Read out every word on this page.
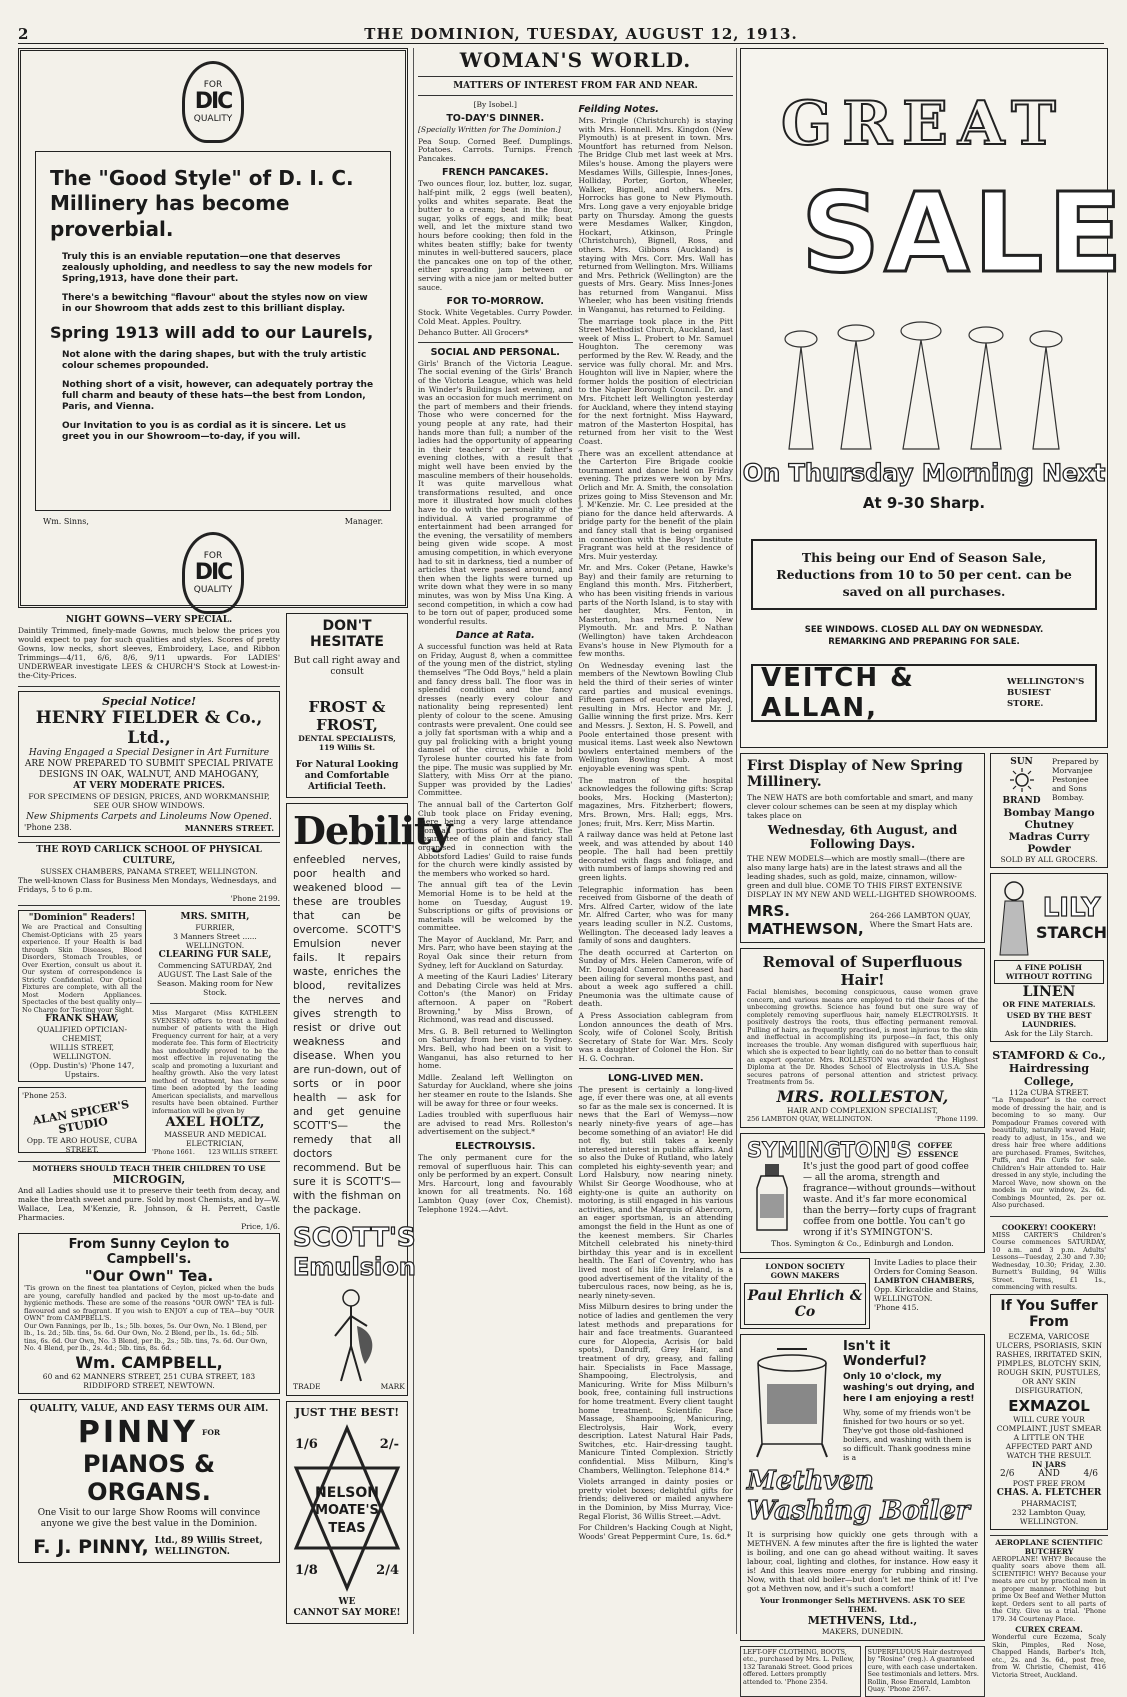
2	THE DOMINION, TUESDAY, AUGUST 12, 1913.
FOR
DIC
QUALITY
The "Good Style" of D. I. C.
Millinery has become proverbial.

Truly this is an enviable reputation—one that deserves zealously upholding, and needless to say the new models for Spring,1913, have done their part.

There's a bewitching "flavour" about the styles now on view in our Showroom that adds zest to this brilliant display.

Spring 1913 will add to our Laurels,

Not alone with the daring shapes, but with the truly artistic colour schemes propounded.

Nothing short of a visit, however, can adequately portray the full charm and beauty of these hats—the best from London, Paris, and Vienna.

Our Invitation to you is as cordial as it is sincere. Let us greet you in our Showroom—to-day, if you will.

Wm. Sinns,	Manager.
FOR
DIC
QUALITY
NIGHT GOWNS—VERY SPECIAL.
Daintily Trimmed, finely-made Gowns, much below the prices you would expect to pay for such qualities and styles. Scores of pretty Gowns, low necks, short sleeves, Embroidery, Lace, and Ribbon Trimmings—4/11, 6/6, 8/6, 9/11 upwards. For LADIES' UNDERWEAR investigate LEES & CHURCH'S Stock at Lowest-in-the-City-Prices.
Special Notice!
HENRY FIELDER & Co., Ltd.,
Having Engaged a Special Designer in Art Furniture
ARE NOW PREPARED TO SUBMIT SPECIAL PRIVATE DESIGNS IN OAK, WALNUT, AND MAHOGANY,
AT VERY MODERATE PRICES.
FOR SPECIMENS OF DESIGN, PRICES, AND WORKMANSHIP, SEE OUR SHOW WINDOWS.
New Shipments Carpets and Linoleums Now Opened.
'Phone 238.	MANNERS STREET.
THE ROYD CARLICK SCHOOL OF PHYSICAL CULTURE,
SUSSEX CHAMBERS, PANAMA STREET, WELLINGTON.
The well-known Class for Business Men Mondays, Wednesdays, and Fridays, 5 to 6 p.m.
'Phone 2199.
"Dominion" Readers!
We are Practical and Consulting Chemist-Opticians with 25 years experience. If your Health is bad through Skin Diseases, Blood Disorders, Stomach Troubles, or Over Exertion, consult us about it. Our system of correspondence is Strictly Confidential. Our Optical Fixtures are complete, with all the Most Modern Appliances. Spectacles of the best quality only—No Charge for Testing your Sight.
FRANK SHAW,
QUALIFIED OPTICIAN-CHEMIST,
WILLIS STREET, WELLINGTON.
(Opp. Dustin's) 'Phone 147, Upstairs.
'Phone 253.
ALAN SPICER'S STUDIO
Opp. TE ARO HOUSE, CUBA STREET.
MRS. SMITH,
FURRIER,
3 Manners Street ...... WELLINGTON.
CLEARING FUR SALE,
Commencing SATURDAY, 2nd AUGUST. The Last Sale of the Season. Making room for New Stock.
Miss Margaret (Miss KATHLEEN SVENSEN) offers to treat a limited number of patients with the High Frequency current for hair, at a very moderate fee. This form of Electricity has undoubtedly proved to be the most effective in rejuvenating the scalp and promoting a luxuriant and healthy growth. Also the very latest method of treatment, has for some time been adopted by the leading American specialists, and marvellous results have been obtained. Further information will be given by
AXEL HOLTZ,
MASSEUR AND MEDICAL ELECTRICIAN,
'Phone 1661. 123 WILLIS STREET.
MOTHERS SHOULD TEACH THEIR CHILDREN TO USE
MICROGIN,
And all Ladies should use it to preserve their teeth from decay, and make the breath sweet and pure. Sold by most Chemists, and by—W. Wallace, Lea, M'Kenzie, R. Johnson, & H. Perrett, Castle Pharmacies.
Price, 1/6.
From Sunny Ceylon to Campbell's.
"Our Own" Tea.
'Tis grown on the finest tea plantations of Ceylon, picked when the buds are young, carefully handled and packed by the most up-to-date and hygienic methods. These are some of the reasons "OUR OWN" TEA is full-flavoured and so fragrant. If you wish to ENJOY a cup of TEA—buy "OUR OWN" from CAMPBELL'S.
Our Own Fannings, per lb., 1s.; 5lb. boxes, 5s. Our Own, No. 1 Blend, per lb., 1s. 2d.; 5lb. tins, 5s. 6d. Our Own, No. 2 Blend, per lb., 1s. 6d.; 5lb. tins, 6s. 6d. Our Own, No. 3 Blend, per lb., 2s.; 5lb. tins, 7s. 6d. Our Own, No. 4 Blend, per lb., 2s. 4d.; 5lb. tins, 8s. 6d.
Wm. CAMPBELL,
60 and 62 MANNERS STREET, 251 CUBA STREET, 183 RIDDIFORD STREET, NEWTOWN.
QUALITY, VALUE, AND EASY TERMS OUR AIM.
PINNY FOR
PIANOS & ORGANS.
One Visit to our large Show Rooms will convince anyone we give the best value in the Dominion.
F. J. PINNY, Ltd., 89 Willis Street, WELLINGTON.
DON'T HESITATE
But call right away and consult
FROST & FROST,
DENTAL SPECIALISTS, 119 Willis St.
For Natural Looking and Comfortable Artificial Teeth.
Debility
enfeebled nerves, poor health and weakened blood —these are troubles that can be overcome. SCOTT'S Emulsion never fails. It repairs waste, enriches the blood, revitalizes the nerves and gives strength to resist or drive out weakness and disease. When you are run-down, out of sorts or in poor health — ask for and get genuine SCOTT'S— the remedy that all doctors recommend. But be sure it is SCOTT'S—with the fishman on the package.
SCOTT'S
Emulsion
TRADE	MARK
JUST THE BEST!
1/6	2/-
NELSON
MOATE'S
TEAS
1/8	2/4
WE
CANNOT SAY MORE!
WOMAN'S WORLD.
MATTERS OF INTEREST FROM FAR AND NEAR.
[By Isobel.]
TO-DAY'S DINNER.
[Specially Written for The Dominion.]
Pea Soup. Corned Beef. Dumplings. Potatoes. Carrots. Turnips. French Pancakes.
FRENCH PANCAKES.
Two ounces flour, loz. butter, loz. sugar, half-pint milk, 2 eggs (well beaten), yolks and whites separate. Beat the butter to a cream; beat in the flour, sugar, yolks of eggs, and milk; beat well, and let the mixture stand two hours before cooking; then fold in the whites beaten stiffly; bake for twenty minutes in well-buttered saucers, place the pancakes one on top of the other, either spreading jam between or serving with a nice jam or melted butter sauce.
FOR TO-MORROW.
Stock. White Vegetables. Curry Powder. Cold Meat. Apples. Poultry.
Dehanco Butter. All Grocers*
SOCIAL AND PERSONAL.
Girls' Branch of the Victoria League. The social evening of the Girls' Branch of the Victoria League, which was held in Winder's Buildings last evening, and was an occasion for much merriment on the part of members and their friends. Those who were concerned for the young people at any rate, had their hands more than full; a number of the ladies had the opportunity of appearing in their teachers' or their father's evening clothes, with a result that might well have been envied by the masculine members of their households. It was quite marvellous what transformations resulted, and once more it illustrated how much clothes have to do with the personality of the individual. A varied programme of entertainment had been arranged for the evening, the versatility of members being given wide scope. A most amusing competition, in which everyone had to sit in darkness, tied a number of articles that were passed around, and then when the lights were turned up write down what they were in so many minutes, was won by Miss Una King. A second competition, in which a cow had to be torn out of paper, produced some wonderful results.
Dance at Rata.
A successful function was held at Rata on Friday, August 8, when a committee of the young men of the district, styling themselves "The Odd Boys," held a plain and fancy dress ball. The floor was in splendid condition and the fancy dresses (nearly every colour and nationality being represented) lent plenty of colour to the scene. Amusing contrasts were prevalent. One could see a jolly fat sportsman with a whip and a guy pal frolicking with a bright young damsel of the circus, while a bold Tyrolese hunter courted his fate from the pipe. The music was supplied by Mr. Slattery, with Miss Orr at the piano. Supper was provided by the Ladies' Committee.
The annual ball of the Carterton Golf Club took place on Friday evening, there being a very large attendance from all portions of the district. The committee of the plain and fancy stall organised in connection with the Abbotsford Ladies' Guild to raise funds for the church were kindly assisted by the members who worked so hard.
The annual gift tea of the Levin Memorial Home is to be held at the home on Tuesday, August 19. Subscriptions or gifts of provisions or materials will be welcomed by the committee.
The Mayor of Auckland, Mr. Parr, and Mrs. Parr, who have been staying at the Royal Oak since their return from Sydney, left for Auckland on Saturday.
A meeting of the Kauri Ladies' Literary and Debating Circle was held at Mrs. Cotton's (the Manor) on Friday afternoon. A paper on "Robert Browning," by Miss Brown, of Richmond, was read and discussed.
Mrs. G. B. Bell returned to Wellington on Saturday from her visit to Sydney. Mrs. Bell, who had been on a visit to Wanganui, has also returned to her home.
Mdlle. Zealand left Wellington on Saturday for Auckland, where she joins her steamer en route to the Islands. She will be away for three or four weeks.
Ladies troubled with superfluous hair are advised to read Mrs. Rolleston's advertisement on the subject.*
ELECTROLYSIS.
The only permanent cure for the removal of superfluous hair. This can only be performed by an expert. Consult Mrs. Harcourt, long and favourably known for all treatments. No. 168 Lambton Quay (over Cox, Chemist). Telephone 1924.—Advt.
Feilding Notes.
Mrs. Pringle (Christchurch) is staying with Mrs. Honnell. Mrs. Kingdon (New Plymouth) is at present in town. Mrs. Mountfort has returned from Nelson. The Bridge Club met last week at Mrs. Miles's house. Among the players were Mesdames Wills, Gillespie, Innes-Jones, Holliday, Porter, Gorton, Wheeler, Walker, Bignell, and others. Mrs. Horrocks has gone to New Plymouth. Mrs. Long gave a very enjoyable bridge party on Thursday. Among the guests were Mesdames Walker, Kingdon, Hockart, Atkinson, Pringle (Christchurch), Bignell, Ross, and others. Mrs. Gibbons (Auckland) is staying with Mrs. Corr. Mrs. Wall has returned from Wellington. Mrs. Williams and Mrs. Pethrick (Wellington) are the guests of Mrs. Geary. Miss Innes-Jones has returned from Wanganui. Miss Wheeler, who has been visiting friends in Wanganui, has returned to Feilding.
The marriage took place in the Pitt Street Methodist Church, Auckland, last week of Miss L. Probert to Mr. Samuel Houghton. The ceremony was performed by the Rev. W. Ready, and the service was fully choral. Mr. and Mrs. Houghton will live in Napier, where the former holds the position of electrician to the Napier Borough Council. Dr. and Mrs. Fitchett left Wellington yesterday for Auckland, where they intend staying for the next fortnight. Miss Hayward, matron of the Masterton Hospital, has returned from her visit to the West Coast.
There was an excellent attendance at the Carterton Fire Brigade cookie tournament and dance held on Friday evening. The prizes were won by Mrs. Orlich and Mr. A. Smith, the consolation prizes going to Miss Stevenson and Mr. J. M'Kenzie. Mr. C. Lee presided at the piano for the dance held afterwards. A bridge party for the benefit of the plain and fancy stall that is being organised in connection with the Boys' Institute Fragrant was held at the residence of Mrs. Muir yesterday.
Mr. and Mrs. Coker (Petane, Hawke's Bay) and their family are returning to England this month. Mrs. Fitzherbert, who has been visiting friends in various parts of the North Island, is to stay with her daughter, Mrs. Fenton, in Masterton, has returned to New Plymouth. Mr. and Mrs. P. Nathan (Wellington) have taken Archdeacon Evans's house in New Plymouth for a few months.
On Wednesday evening last the members of the Newtown Bowling Club held the third of their series of winter card parties and musical evenings. Fifteen games of euchre were played, resulting in Mrs. Hector and Mr. J. Gallie winning the first prize. Mrs. Kerr and Messrs. J. Sexton, H. S. Powell, and Poole entertained those present with musical items. Last week also Newtown bowlers entertained members of the Wellington Bowling Club. A most enjoyable evening was spent.
The matron of the hospital acknowledges the following gifts: Scrap books, Mrs. Hocking (Masterton); magazines, Mrs. Fitzherbert; flowers, Mrs. Brown, Mrs. Hall; eggs, Mrs. Jones; fruit, Mrs. Kerr, Miss Martin.
A railway dance was held at Petone last week, and was attended by about 140 people. The hall had been prettily decorated with flags and foliage, and with numbers of lamps showing red and green lights.
Telegraphic information has been received from Gisborne of the death of Mrs. Alfred Carter, widow of the late Mr. Alfred Carter, who was for many years leading sculler in N.Z. Customs, Wellington. The deceased lady leaves a family of sons and daughters.
The death occurred at Carterton on Sunday of Mrs. Helen Cameron, wife of Mr. Dougald Cameron. Deceased had been ailing for several months past, and about a week ago suffered a chill. Pneumonia was the ultimate cause of death.
A Press Association cablegram from London announces the death of Mrs. Scoly, wife of Colonel Scoly, British Secretary of State for War. Mrs. Scoly was a daughter of Colonel the Hon. Sir H. G. Cochran.
LONG-LIVED MEN.
The present is certainly a long-lived age, if ever there was one, at all events so far as the male sex is concerned. It is news that the Earl of Wemyss—now nearly ninety-five years of age—has become something of an aviator! He did not fly, but still takes a keenly interested interest in public affairs. And so also the Duke of Rutland, who lately completed his eighty-seventh year; and Lord Halsbury, now nearing ninety. Whilst Sir George Woodhouse, who at eighty-one is quite an authority on motoring, is still engaged in his various activities, and the Marquis of Abercorn, an eager sportsman, is an attending amongst the field in the Hunt as one of the keenest members. Sir Charles Mitchell celebrated his ninety-third birthday this year and is in excellent health. The Earl of Coventry, who has lived most of his life in Ireland, is a good advertisement of the vitality of the tuberculous races, now being, as he is, nearly ninety-seven.
Miss Milburn desires to bring under the notice of ladies and gentlemen the very latest methods and preparations for hair and face treatments. Guaranteed cure for Alopecia, Acrisis (or bald spots), Dandruff, Grey Hair, and treatment of dry, greasy, and falling hair. Specialists in Face Massage, Shampooing, Electrolysis, and Manicuring. Write for Miss Milburn's book, free, containing full instructions for home treatment. Every client taught home treatment. Scientific Face Massage, Shampooing, Manicuring, Electrolysis, Hair Work, every description. Latest Natural Hair Pads, Switches, etc. Hair-dressing taught. Manicure Tinted Complexion. Strictly confidential. Miss Milburn, King's Chambers, Wellington. Telephone 814.*
Violets arranged in dainty posies or pretty violet boxes; delightful gifts for friends; delivered or mailed anywhere in the Dominion, by Miss Murray, Vice-Regal Florist, 36 Willis Street.—Advt.
For Children's Hacking Cough at Night, Woods' Great Peppermint Cure, 1s. 6d.*
GREAT
SALE
On Thursday Morning Next
At 9-30 Sharp.
This being our End of Season Sale, Reductions from 10 to 50 per cent. can be saved on all purchases.
SEE WINDOWS. CLOSED ALL DAY ON WEDNESDAY.
REMARKING AND PREPARING FOR SALE.
VEITCH & ALLAN,
WELLINGTON'S BUSIEST STORE.
First Display of New Spring Millinery.
The NEW HATS are both comfortable and smart, and many clever colour schemes can be seen at my display which takes place on
Wednesday, 6th August, and Following Days.
THE NEW MODELS—which are mostly small—(there are also many large hats) are in the latest straws and all the leading shades, such as gold, maize, cinnamon, willow-green and dull blue. COME TO THIS FIRST EXTENSIVE DISPLAY IN MY NEW AND WELL-LIGHTED SHOWROOMS.
MRS. MATHEWSON,
264-266 LAMBTON QUAY, Where the Smart Hats are.
Removal of Superfluous Hair!
Facial blemishes, becoming conspicuous, cause women grave concern, and various means are employed to rid their faces of the unbecoming growths. Science has found but one sure way of completely removing superfluous hair, namely ELECTROLYSIS. It positively destroys the roots, thus effecting permanent removal. Pulling of hairs, as frequently practised, is most injurious to the skin and ineffectual in accomplishing its purpose—in fact, this only increases the trouble. Any woman disfigured with superfluous hair, which she is expected to bear lightly, can do no better than to consult an expert operator. Mrs. ROLLESTON was awarded the Highest Diploma at the Dr. Rhodes School of Electrolysis in U.S.A. She secures patrons of personal attention and strictest privacy. Treatments from 5s.
MRS. ROLLESTON,
HAIR AND COMPLEXION SPECIALIST,
256 LAMBTON QUAY, WELLINGTON.	'Phone 1199.
SYMINGTON'S COFFEE ESSENCE
It's just the good part of good coffee — all the aroma, strength and fragrance—without grounds—without waste. And it's far more economical than the berry—forty cups of fragrant coffee from one bottle. You can't go wrong if it's SYMINGTON'S.
Thos. Symington & Co., Edinburgh and London.
LONDON SOCIETY
GOWN MAKERS
Paul Ehrlich & Co
Invite Ladies to place their Orders for Coming Season.
LAMBTON CHAMBERS,
Opp. Kirkcaldie and Stains, WELLINGTON.
'Phone 415.
Isn't it Wonderful?
Only 10 o'clock, my washing's out drying, and here I am enjoying a rest!
Why, some of my friends won't be finished for two hours or so yet. They've got those old-fashioned boilers, and washing with them is so difficult. Thank goodness mine is a
Methven Washing Boiler
It is surprising how quickly one gets through with a METHVEN. A few minutes after the fire is lighted the water is boiling, and one can go ahead without waiting. It saves labour, coal, lighting and clothes, for instance. How easy it is! And this leaves more energy for rubbing and rinsing. Now, with that old boiler—but don't let me think of it! I've got a Methven now, and it's such a comfort!
Your Ironmonger Sells METHVENS. ASK TO SEE THEM.
METHVENS, Ltd.,
MAKERS, DUNEDIN.
LEFT-OFF CLOTHING, BOOTS, etc., purchased by Mrs. L. Pellew, 132 Taranaki Street. Good prices offered. Letters promptly attended to. 'Phone 2354.
SUPERFLUOUS Hair destroyed by "Rosine" (reg.). A guaranteed cure, with each case undertaken. See testimonials and letters. Mrs. Rollin, Rose Emerald, Lambton Quay. 'Phone 2567.
SUN
BRAND
Prepared by Morvanjee Pestonjee and Sons Bombay.
Bombay Mango Chutney
Madras Curry Powder
SOLD BY ALL GROCERS.
LILY
STARCH
A FINE POLISH WITHOUT ROTTING
LINEN
OR FINE MATERIALS.
USED BY THE BEST LAUNDRIES.
Ask for the Lily Starch.
STAMFORD & Co.,
Hairdressing College,
112a CUBA STREET.
"La Pompadour" is the correct mode of dressing the hair, and is becoming to so many. Our Pompadour Frames covered with beautifully, naturally waved Hair, ready to adjust, in 15s., and we dress hair free where additions are purchased. Frames, Switches, Puffs, and Pin Curls for sale. Children's Hair attended to. Hair dressed in any style, including the Marcel Wave, now shown on the models in our window, 2s. 6d. Combings Mounted, 2s. per oz. Also purchased.
COOKERY! COOKERY!
MISS CARTER'S Children's Course commences SATURDAY, 10 a.m. and 3 p.m. Adults' Lessons—Tuesday, 2.30 and 7.30; Wednesday, 10.30; Friday, 2.30. Burnett's Building, 94 Willis Street. Terms, £1 1s., commencing with results.
If You Suffer
From
ECZEMA, VARICOSE ULCERS, PSORIASIS, SKIN RASHES, IRRITATED SKIN, PIMPLES, BLOTCHY SKIN, ROUGH SKIN, PUSTULES, OR ANY SKIN DISFIGURATION,
EXMAZOL
WILL CURE YOUR COMPLAINT. JUST SMEAR A LITTLE ON THE AFFECTED PART AND WATCH THE RESULT.
IN JARS
2/6	AND	4/6
POST FREE FROM
CHAS. A. FLETCHER
PHARMACIST,
232 Lambton Quay, WELLINGTON.
AEROPLANE SCIENTIFIC BUTCHERY
AEROPLANE! WHY? Because the quality soars above them all. SCIENTIFIC! WHY? Because your meats are cut by practical men in a proper manner. Nothing but prime Ox Beef and Wether Mutton kept. Orders sent to all parts of the City. Give us a trial. 'Phone 179. 34 Courtenay Place.
CUREX CREAM.
Wonderful cure Eczema, Scaly Skin, Pimples, Red Nose, Chapped Hands, Barber's Itch, etc., 2s. and 3s. 6d., post free, from W. Christie, Chemist, 416 Victoria Street, Auckland.
